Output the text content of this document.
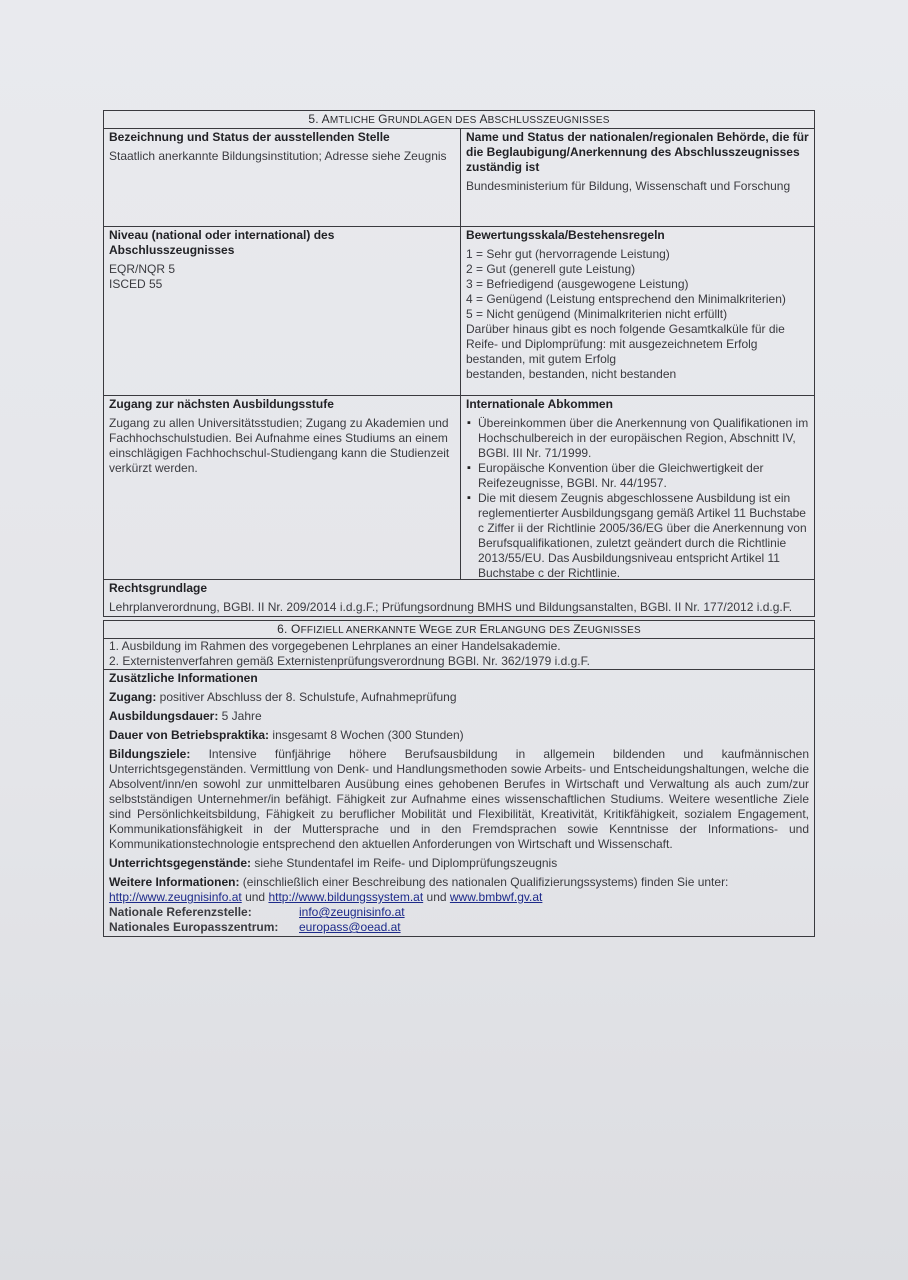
5. AMTLICHE GRUNDLAGEN DES ABSCHLUSSZEUGNISSES
Bezeichnung und Status der ausstellenden Stelle
Staatlich anerkannte Bildungsinstitution; Adresse siehe Zeugnis
Name und Status der nationalen/regionalen Behörde, die für die Beglaubigung/Anerkennung des Abschlusszeugnisses zuständig ist
Bundesministerium für Bildung, Wissenschaft und Forschung
Niveau (national oder international) des Abschlusszeugnisses
EQR/NQR 5
ISCED 55
Bewertungsskala/Bestehensregeln
1 = Sehr gut (hervorragende Leistung)
2 = Gut (generell gute Leistung)
3 = Befriedigend (ausgewogene Leistung)
4 = Genügend (Leistung entsprechend den Minimalkriterien)
5 = Nicht genügend (Minimalkriterien nicht erfüllt)
Darüber hinaus gibt es noch folgende Gesamtkalküle für die Reife- und Diplomprüfung: mit ausgezeichnetem Erfolg bestanden, mit gutem Erfolg
bestanden, bestanden, nicht bestanden
Zugang zur nächsten Ausbildungsstufe
Zugang zu allen Universitätsstudien; Zugang zu Akademien und Fachhochschulstudien. Bei Aufnahme eines Studiums an einem einschlägigen Fachhochschul-Studiengang kann die Studienzeit verkürzt werden.
Internationale Abkommen
▪ Übereinkommen über die Anerkennung von Qualifikationen im Hochschulbereich in der europäischen Region, Abschnitt IV, BGBl. III Nr. 71/1999.
▪ Europäische Konvention über die Gleichwertigkeit der Reifezeugnisse, BGBl. Nr. 44/1957.
▪ Die mit diesem Zeugnis abgeschlossene Ausbildung ist ein reglementierter Ausbildungsgang gemäß Artikel 11 Buchstabe c Ziffer ii der Richtlinie 2005/36/EG über die Anerkennung von Berufsqualifikationen, zuletzt geändert durch die Richtlinie 2013/55/EU. Das Ausbildungsniveau entspricht Artikel 11 Buchstabe c der Richtlinie.
Rechtsgrundlage
Lehrplanverordnung, BGBl. II Nr. 209/2014 i.d.g.F.; Prüfungsordnung BMHS und Bildungsanstalten, BGBl. II Nr. 177/2012 i.d.g.F.
6. OFFIZIELL ANERKANNTE WEGE ZUR ERLANGUNG DES ZEUGNISSES
1. Ausbildung im Rahmen des vorgegebenen Lehrplanes an einer Handelsakademie.
2. Externistenverfahren gemäß Externistenprüfungsverordnung BGBl. Nr. 362/1979 i.d.g.F.
Zusätzliche Informationen
Zugang: positiver Abschluss der 8. Schulstufe, Aufnahmeprüfung
Ausbildungsdauer: 5 Jahre
Dauer von Betriebspraktika: insgesamt 8 Wochen (300 Stunden)
Bildungsziele: Intensive fünfjährige höhere Berufsausbildung in allgemein bildenden und kaufmännischen Unterrichtsgegenständen. Vermittlung von Denk- und Handlungsmethoden sowie Arbeits- und Entscheidungshaltungen, welche die Absolvent/inn/en sowohl zur unmittelbaren Ausübung eines gehobenen Berufes in Wirtschaft und Verwaltung als auch zum/zur selbstständigen Unternehmer/in befähigt. Fähigkeit zur Aufnahme eines wissenschaftlichen Studiums. Weitere wesentliche Ziele sind Persönlichkeitsbildung, Fähigkeit zu beruflicher Mobilität und Flexibilität, Kreativität, Kritikfähigkeit, sozialem Engagement, Kommunikationsfähigkeit in der Muttersprache und in den Fremdsprachen sowie Kenntnisse der Informations- und Kommunikationstechnologie entsprechend den aktuellen Anforderungen von Wirtschaft und Wissenschaft.
Unterrichtsgegenstände: siehe Stundentafel im Reife- und Diplomprüfungszeugnis
Weitere Informationen: (einschließlich einer Beschreibung des nationalen Qualifizierungssystems) finden Sie unter:
http://www.zeugnisinfo.at und http://www.bildungssystem.at und www.bmbwf.gv.at
Nationale Referenzstelle:	info@zeugnisinfo.at
Nationales Europasszentrum:	europass@oead.at
